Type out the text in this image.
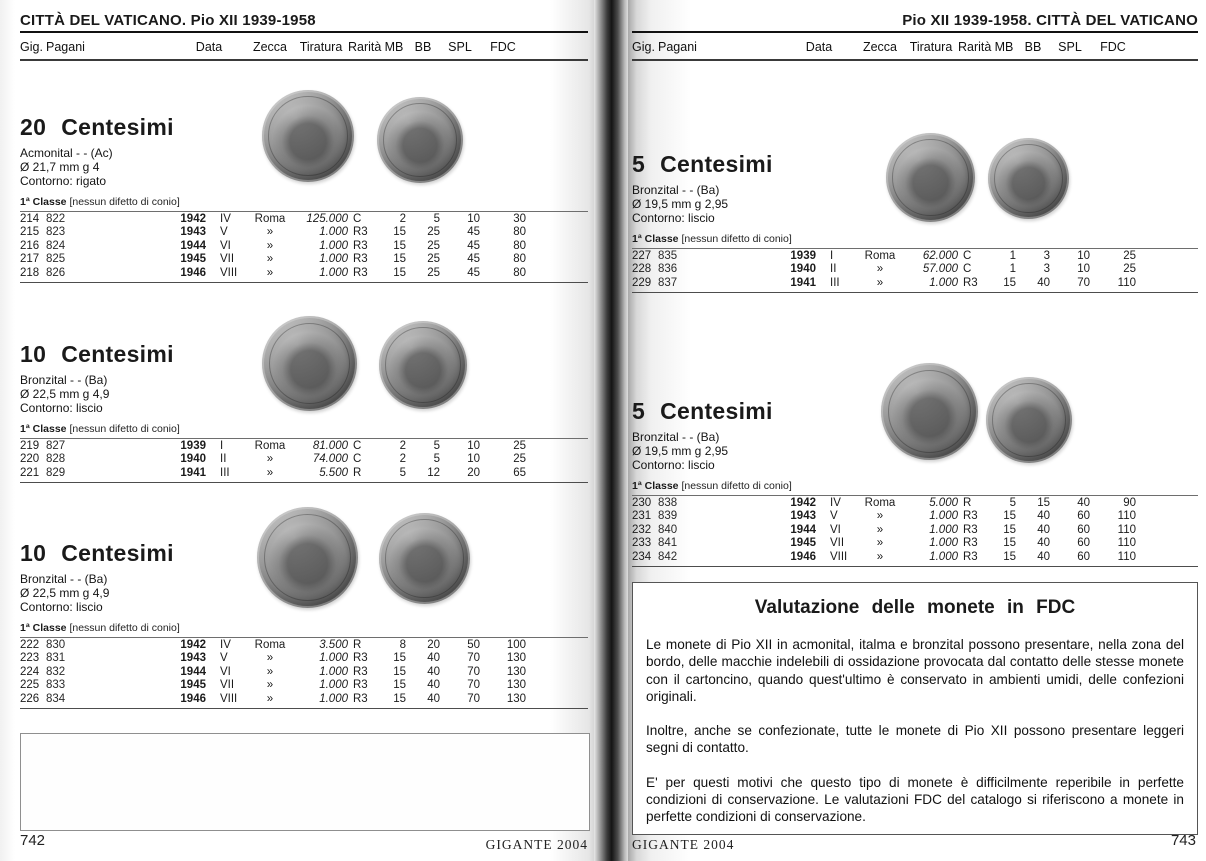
CITTÀ DEL VATICANO. Pio XII 1939-1958
Gig. Pagani	Data	Zecca	Tiratura Rarità MB BB	SPL	FDC
20 Centesimi
Acmonital - - (Ac)
Ø 21,7 mm g 4
Contorno: rigato
1ª Classe [nessun difetto di conio]
214 822	1942	IV	Roma	125.000 C	2	5	10	30
215 823	1943	V	»	1.000 R3	15	25	45	80
216 824	1944	VI	»	1.000 R3	15	25	45	80
217 825	1945	VII	»	1.000 R3	15	25	45	80
218 826	1946	VIII	»	1.000 R3	15	25	45	80
10 Centesimi
Bronzital - - (Ba)
Ø 22,5 mm g 4,9
Contorno: liscio
1ª Classe [nessun difetto di conio]
219 827	1939	I	Roma	81.000 C	2	5	10	25
220 828	1940	II	»	74.000 C	2	5	10	25
221 829	1941	III	»	5.500 R	5	12	20	65
10 Centesimi
Bronzital - - (Ba)
Ø 22,5 mm g 4,9
Contorno: liscio
1ª Classe [nessun difetto di conio]
222 830	1942	IV	Roma	3.500 R	8	20	50	100
223 831	1943	V	»	1.000 R3	15	40	70	130
224 832	1944	VI	»	1.000 R3	15	40	70	130
225 833	1945	VII	»	1.000 R3	15	40	70	130
226 834	1946	VIII	»	1.000 R3	15	40	70	130
742	GIGANTE 2004
Pio XII 1939-1958. CITTÀ DEL VATICANO
Gig. Pagani	Data	Zecca	Tiratura Rarità MB BB	SPL	FDC
5 Centesimi
Bronzital - - (Ba)
Ø 19,5 mm g 2,95
Contorno: liscio
1ª Classe [nessun difetto di conio]
227 835	1939	I	Roma	62.000 C	1	3	10	25
228 836	1940	II	»	57.000 C	1	3	10	25
229 837	1941	III	»	1.000 R3	15	40	70	110
5 Centesimi
Bronzital - - (Ba)
Ø 19,5 mm g 2,95
Contorno: liscio
1ª Classe [nessun difetto di conio]
230 838	1942	IV	Roma	5.000 R	5	15	40	90
231 839	1943	V	»	1.000 R3	15	40	60	110
232 840	1944	VI	»	1.000 R3	15	40	60	110
233 841	1945	VII	»	1.000 R3	15	40	60	110
234 842	1946	VIII	»	1.000 R3	15	40	60	110
Valutazione delle monete in FDC

Le monete di Pio XII in acmonital, italma e bronzital possono presentare, nella zona del bordo, delle macchie indelebili di ossidazione provocata dal contatto delle stesse monete con il cartoncino, quando quest'ultimo è conservato in ambienti umidi, delle confezioni originali.

Inoltre, anche se confezionate, tutte le monete di Pio XII possono presentare leggeri segni di contatto.

E' per questi motivi che questo tipo di monete è difficilmente reperibile in perfette condizioni di conservazione. Le valutazioni FDC del catalogo si riferiscono a monete in perfette condizioni di conservazione.

GIGANTE 2004	743
